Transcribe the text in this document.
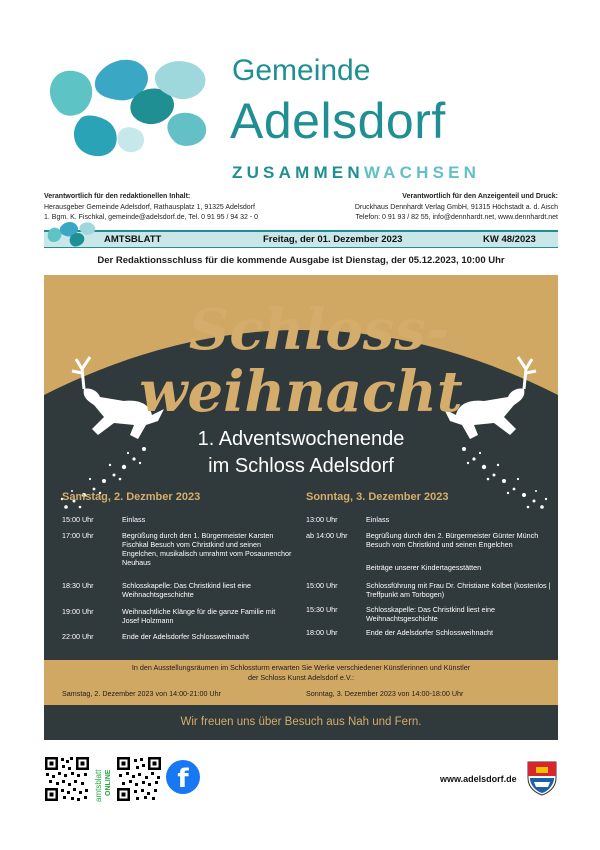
Gemeinde
Adelsdorf
ZUSAMMENWACHSEN
Verantwortlich für den redaktionellen Inhalt:
Herausgeber Gemeinde Adelsdorf, Rathausplatz 1, 91325 Adelsdorf
1. Bgm. K. Fischkal, gemeinde@adelsdorf.de, Tel. 0 91 95 / 94 32 - 0
Verantwortlich für den Anzeigenteil und Druck:
Druckhaus Dennhardt Verlag GmbH, 91315 Höchstadt a. d. Aisch
Telefon: 0 91 93 / 82 55, info@dennhardt.net, www.dennhardt.net
AMTSBLATT	Freitag, der 01. Dezember 2023	KW 48/2023
Der Redaktionsschluss für die kommende Ausgabe ist Dienstag, der 05.12.2023, 10:00 Uhr
Schloss-
weihnacht
1. Adventswochenende
im Schloss Adelsdorf
Samstag, 2. Dezmber 2023	Sonntag, 3. Dezember 2023
15:00 Uhr	Einlass
17:00 Uhr	Begrüßung durch den 1. Bürgermeister Karsten Fischkal Besuch vom Christkind und seinen Engelchen, musikalisch umrahmt vom Posaunenchor Neuhaus
18:30 Uhr	Schlosskapelle: Das Christkind liest eine Weihnachtsgeschichte
19:00 Uhr	Weihnachtliche Klänge für die ganze Familie mit Josef Holzmann
22:00 Uhr	Ende der Adelsdorfer Schlossweihnacht
13:00 Uhr	Einlass
ab 14:00 Uhr	Begrüßung durch den 2. Bürgermeister Günter Münch Besuch vom Christkind und seinen Engelchen
Beiträge unserer Kindertagesstätten
15:00 Uhr	Schlossführung mit Frau Dr. Christiane Kolbet (kostenlos | Treffpunkt am Torbogen)
15:30 Uhr	Schlosskapelle: Das Christkind liest eine Weihnachtsgeschichte
18:00 Uhr	Ende der Adelsdorfer Schlossweihnacht
In den Ausstellungsräumen im Schlossturm erwarten Sie Werke verschiedener Künstlerinnen und Künstler
der Schloss Kunst Adelsdorf e.V.:
Samstag, 2. Dezember 2023 von 14:00-21:00 Uhr	Sonntag, 3. Dezember 2023 von 14:00-18:00 Uhr
Wir freuen uns über Besuch aus Nah und Fern.
amtsblatt ONLINE	f	www.adelsdorf.de
